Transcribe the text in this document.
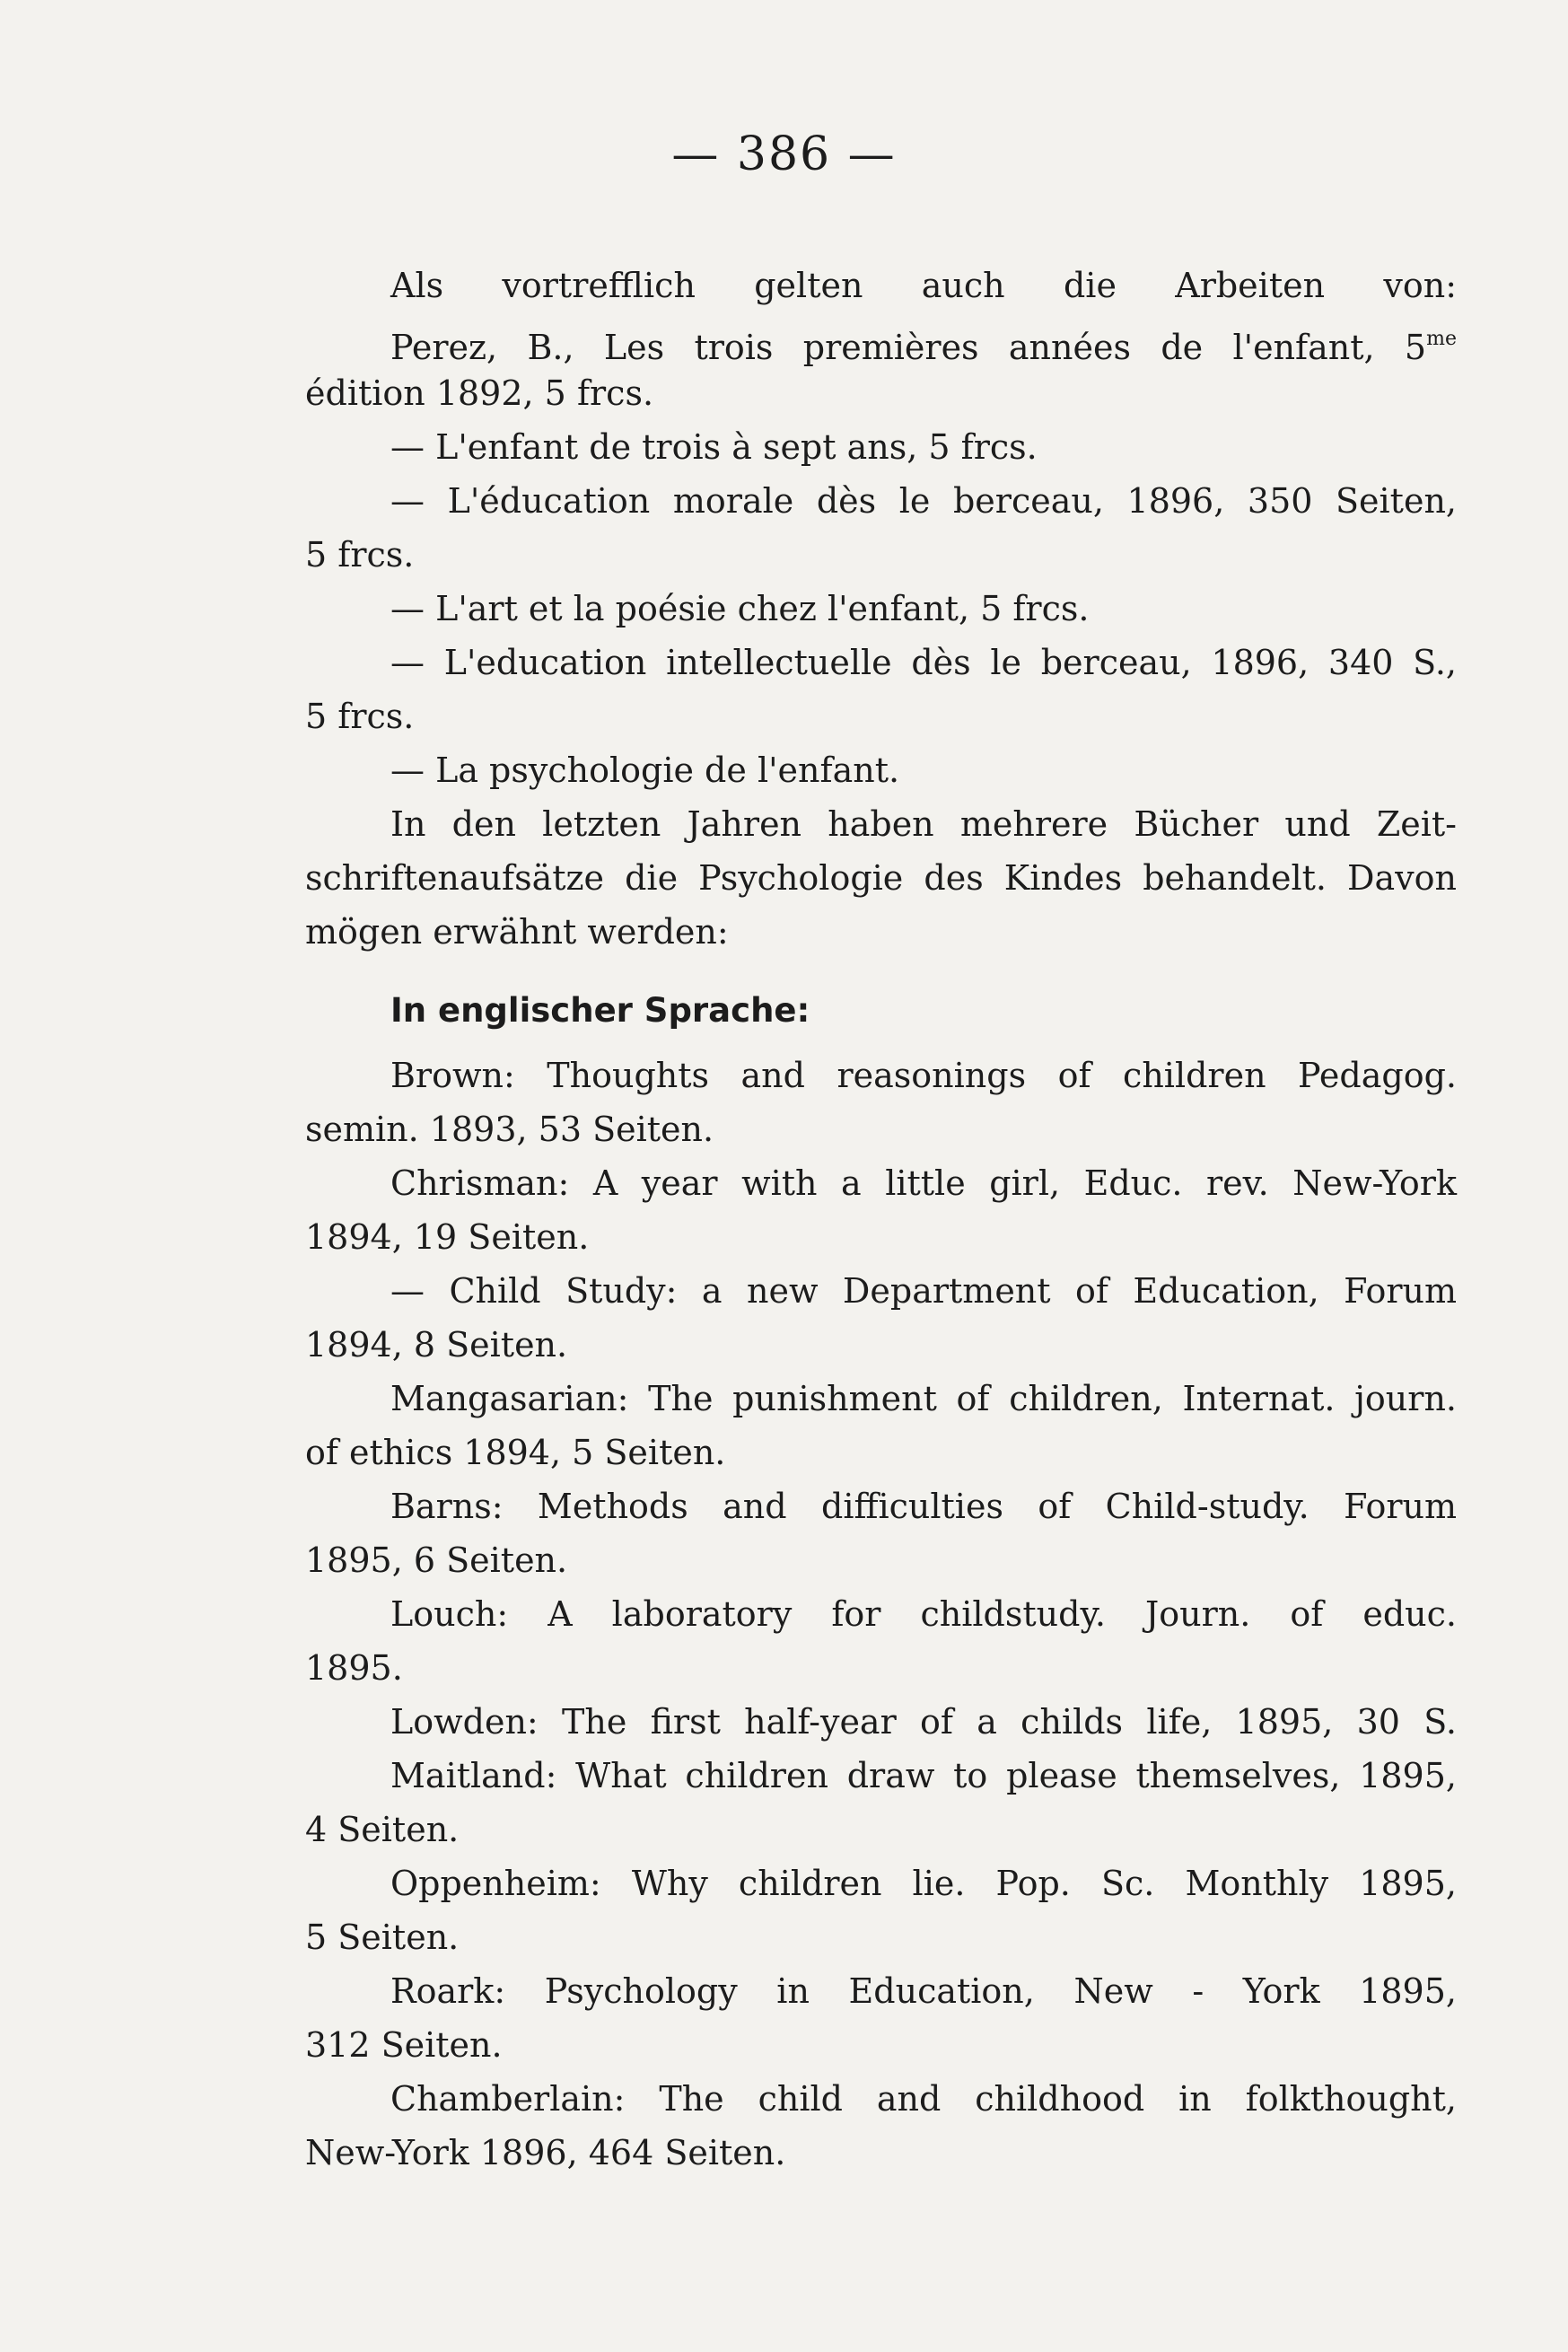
— 386 —
Als vortrefflich gelten auch die Arbeiten von:
Perez, B., Les trois premières années de l'enfant, $5^{me}$
édition 1892, 5 frcs.
— L'enfant de trois à sept ans, 5 frcs.
— L'éducation morale dès le berceau, 1896, 350 Seiten,
5 frcs.
— L'art et la poésie chez l'enfant, 5 frcs.
— L'education intellectuelle dès le berceau, 1896, 340 S.,
5 frcs.
— La psychologie de l'enfant.
In den letzten Jahren haben mehrere Bücher und Zeit-
schriftenaufsätze die Psychologie des Kindes behandelt. Davon
mögen erwähnt werden:
In englischer Sprache:
Brown: Thoughts and reasonings of children Pedagog.
semin. 1893, 53 Seiten.
Chrisman: A year with a little girl, Educ. rev. New-York
1894, 19 Seiten.
— Child Study: a new Department of Education, Forum
1894, 8 Seiten.
Mangasarian: The punishment of children, Internat. journ.
of ethics 1894, 5 Seiten.
Barns: Methods and difficulties of Child-study. Forum
1895, 6 Seiten.
Louch: A laboratory for childstudy. Journ. of educ.
1895.
Lowden: The first half-year of a childs life, 1895, 30 S.
Maitland: What children draw to please themselves, 1895,
4 Seiten.
Oppenheim: Why children lie. Pop. Sc. Monthly 1895,
5 Seiten.
Roark: Psychology in Education, New - York 1895,
312 Seiten.
Chamberlain: The child and childhood in folkthought,
New-York 1896, 464 Seiten.
